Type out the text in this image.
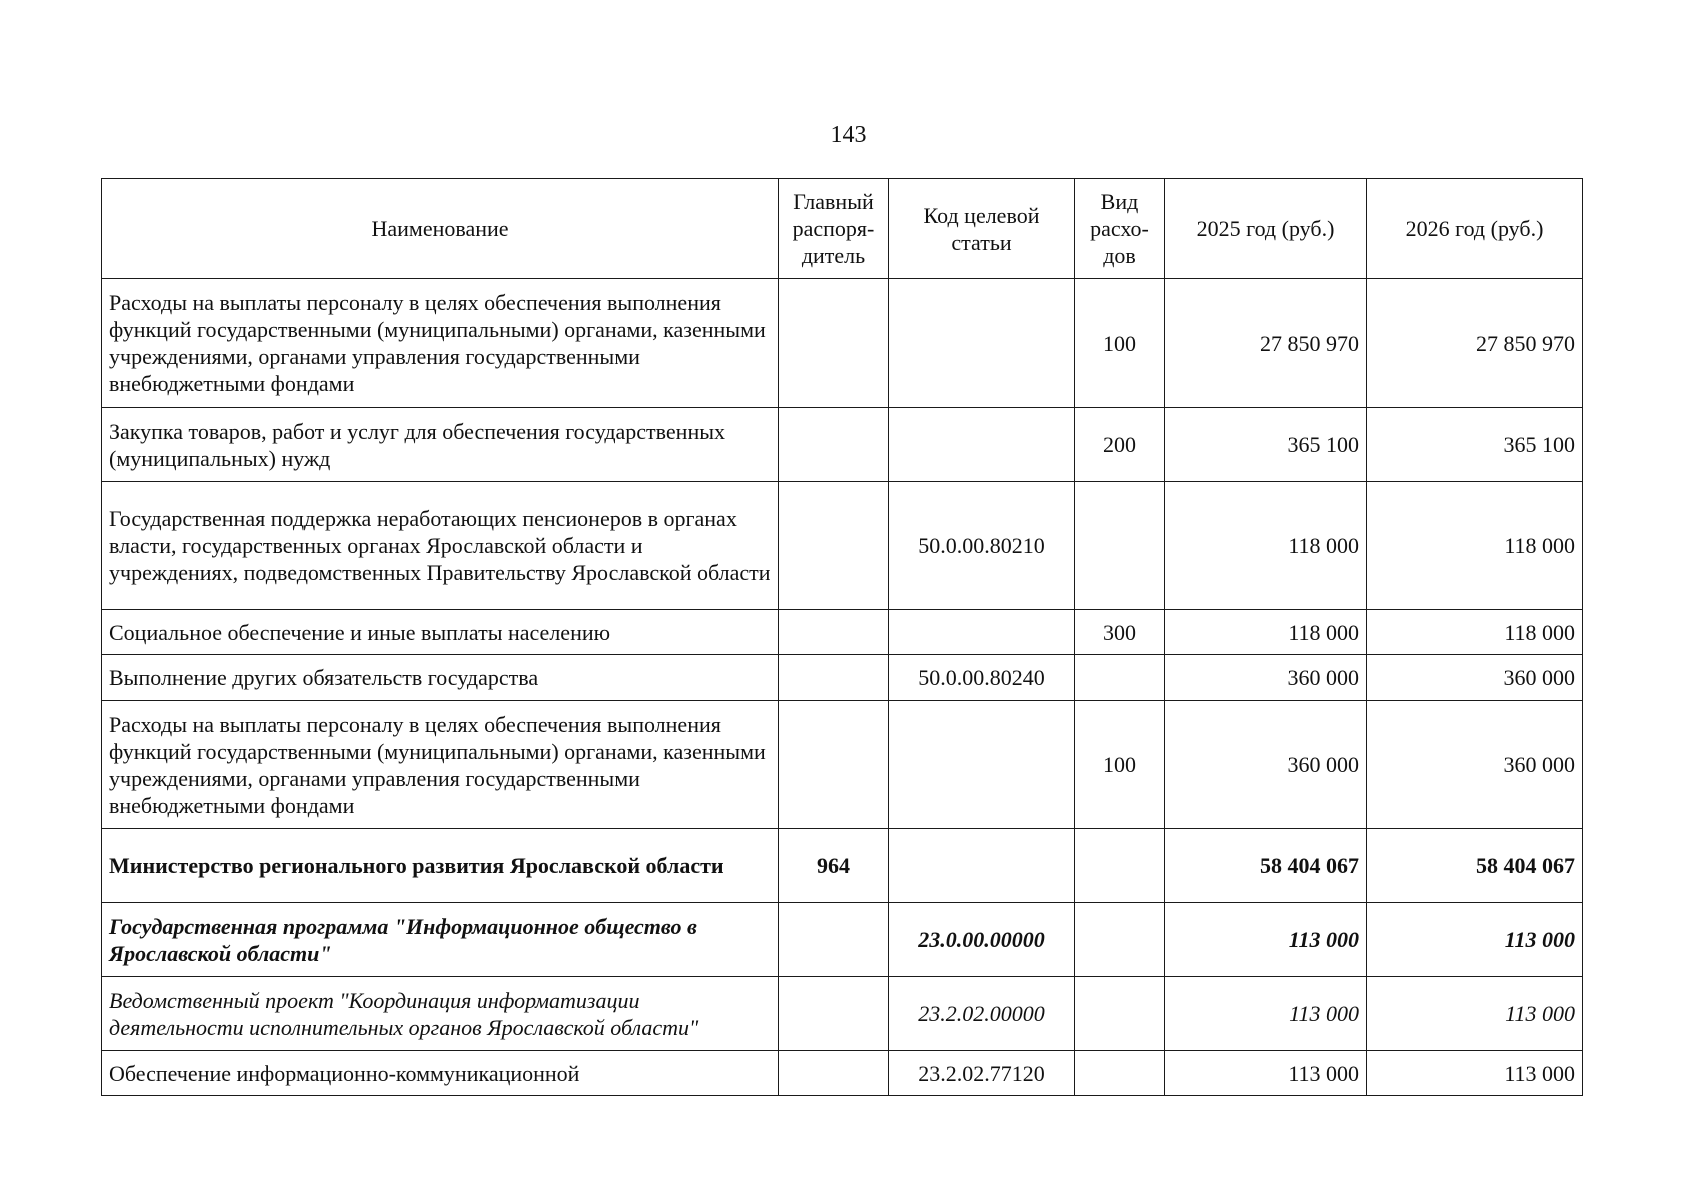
143
Наименование	Главный распоря-дитель	Код целевой статьи	Вид расхо-дов	2025 год (руб.)	2026 год (руб.)
Расходы на выплаты персоналу в целях обеспечения выполнения функций государственными (муниципальными) органами, казенными учреждениями, органами управления государственными внебюджетными фондами			100	27 850 970	27 850 970
Закупка товаров, работ и услуг для обеспечения государственных (муниципальных) нужд			200	365 100	365 100
Государственная поддержка неработающих пенсионеров в органах власти, государственных органах Ярославской области и учреждениях, подведомственных Правительству Ярославской области		50.0.00.80210		118 000	118 000
Социальное обеспечение и иные выплаты населению			300	118 000	118 000
Выполнение других обязательств государства		50.0.00.80240		360 000	360 000
Расходы на выплаты персоналу в целях обеспечения выполнения функций государственными (муниципальными) органами, казенными учреждениями, органами управления государственными внебюджетными фондами			100	360 000	360 000
Министерство регионального развития Ярославской области	964			58 404 067	58 404 067
Государственная программа "Информационное общество в Ярославской области"		23.0.00.00000		113 000	113 000
Ведомственный проект "Координация информатизации деятельности исполнительных органов Ярославской области"		23.2.02.00000		113 000	113 000
Обеспечение информационно-коммуникационной		23.2.02.77120		113 000	113 000
